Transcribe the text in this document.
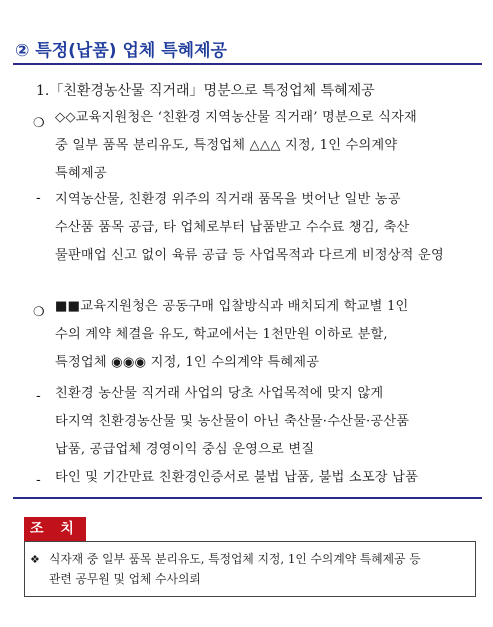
② 특정(납품) 업체 특혜제공
1.「친환경농산물 직거래」명분으로 특정업체 특혜제공
❍ ◇◇교육지원청은 ‘친환경 지역농산물 직거래’ 명분으로 식자재
중 일부 품목 분리유도, 특정업체 △△△ 지정, 1인 수의계약
특혜제공
- 지역농산물, 친환경 위주의 직거래 품목을 벗어난 일반 농공
수산품 품목 공급, 타 업체로부터 납품받고 수수료 챙김, 축산
물판매업 신고 없이 육류 공급 등 사업목적과 다르게 비정상적 운영
❍ ■■교육지원청은 공동구매 입찰방식과 배치되게 학교별 1인
수의 계약 체결을 유도, 학교에서는 1천만원 이하로 분할,
특정업체 ◉◉◉ 지정, 1인 수의계약 특혜제공
- 친환경 농산물 직거래 사업의 당초 사업목적에 맞지 않게
타지역 친환경농산물 및 농산물이 아닌 축산물·수산물·공산품
납품, 공급업체 경영이익 중심 운영으로 변질
- 타인 및 기간만료 친환경인증서로 불법 납품, 불법 소포장 납품
조 치
❖ 식자재 중 일부 품목 분리유도, 특정업체 지정, 1인 수의계약 특혜제공 등
관련 공무원 및 업체 수사의뢰
